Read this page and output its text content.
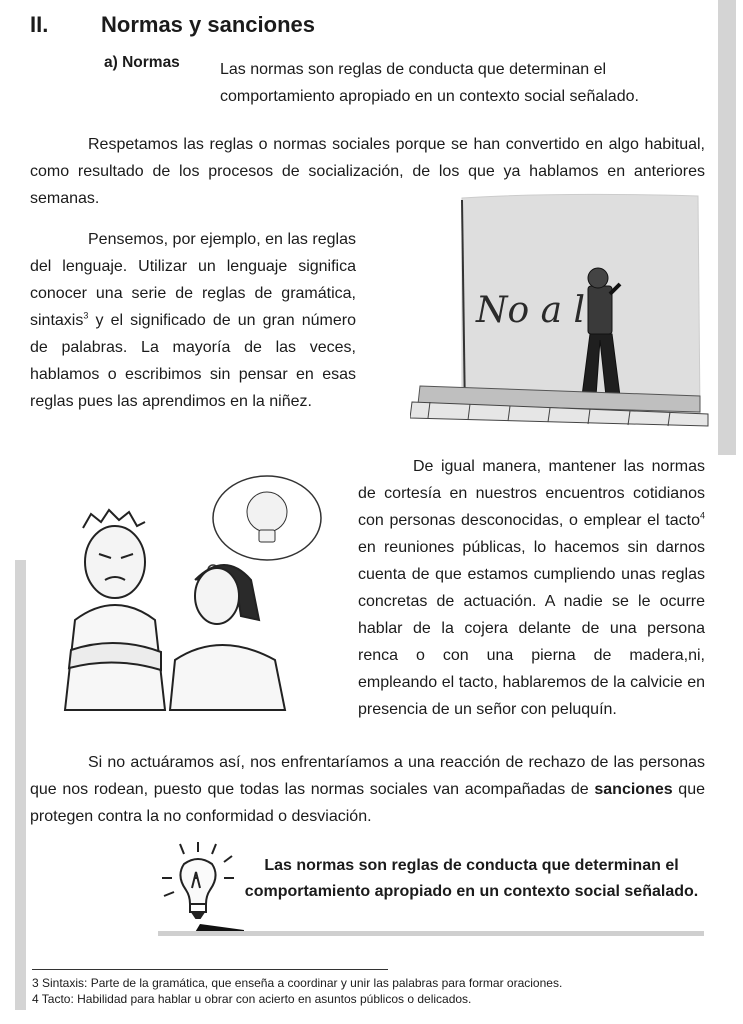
II. Normas y sanciones
a) Normas	Las normas son reglas de conducta que determinan el comportamiento apropiado en un contexto social señalado.
Respetamos las reglas o normas sociales porque se han convertido en algo habitual, como resultado de los procesos de socialización, de los que ya hablamos en anteriores semanas.
Pensemos, por ejemplo, en las reglas del lenguaje. Utilizar un lenguaje significa conocer una serie de reglas de gramática, sintaxis$^3$ y el significado de un gran número de palabras. La mayoría de las veces, hablamos o escribimos sin pensar en esas reglas pues las aprendimos en la niñez.
No a l
De igual manera, mantener las normas de cortesía en nuestros encuentros cotidianos con personas desconocidas, o emplear el tacto$^4$ en reuniones públicas, lo hacemos sin darnos cuenta de que estamos cumpliendo unas reglas concretas de actuación. A nadie se le ocurre hablar de la cojera delante de una persona renca o con una pierna de madera,ni, empleando el tacto, hablaremos de la calvicie en presencia de un señor con peluquín.
Si no actuáramos así, nos enfrentaríamos a una reacción de rechazo de las personas que nos rodean, puesto que todas las normas sociales van acompañadas de sanciones que protegen contra la no conformidad o desviación.
Las normas son reglas de conducta que determinan el comportamiento apropiado en un contexto social señalado.
3 Sintaxis: Parte de la gramática, que enseña a coordinar y unir las palabras para formar oraciones.
4 Tacto: Habilidad para hablar u obrar con acierto en asuntos públicos o delicados.
